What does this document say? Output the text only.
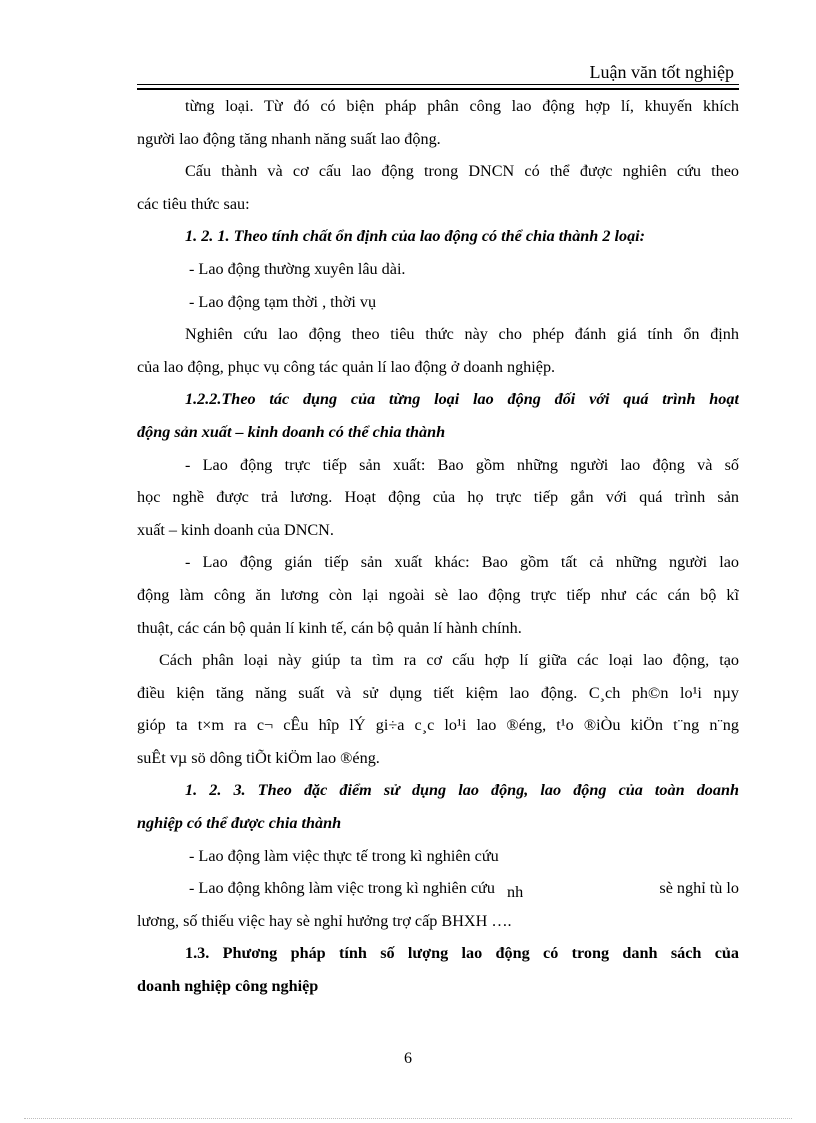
Luận văn tốt nghiệp
từng loại. Từ đó có biện pháp phân công lao động hợp lí, khuyến khích
người lao động tăng nhanh năng suất lao động.
Cấu thành và cơ cấu lao động trong DNCN có thể được nghiên cứu theo
các tiêu thức sau:
1. 2. 1. Theo tính chất ổn định của lao động có thể chia thành 2 loại:
- Lao động thường xuyên lâu dài.
- Lao động tạm thời , thời vụ
Nghiên cứu lao động theo tiêu thức này cho phép đánh giá tính ổn định
của lao động, phục vụ công tác quản lí lao động ở doanh nghiệp.
1.2.2.Theo tác dụng của từng loại lao động đối với quá trình hoạt
động sản xuất – kinh doanh có thể chia thành
- Lao động trực tiếp sản xuất: Bao gồm những người lao động và số
học nghề được trả lương. Hoạt động của họ trực tiếp gắn với quá trình sản
xuất – kinh doanh của DNCN.
- Lao động gián tiếp sản xuất khác: Bao gồm tất cả những người lao
động làm công ăn lương còn lại ngoài sè lao động trực tiếp như các cán bộ kĩ
thuật, các cán bộ quản lí kinh tế, cán bộ quản lí hành chính.
Cách phân loại này giúp ta tìm ra cơ cấu hợp lí giữa các loại lao động, tạo
điều kiện tăng năng suất và sử dụng tiết kiệm lao động. C¸ch ph©n lo¹i nµy
gióp ta t×m ra c¬ cÊu hîp lÝ gi÷a c¸c lo¹i lao ®éng, t¹o ®iÒu kiÖn t¨ng n¨ng
suÊt vµ sö dông tiÕt kiÖm lao ®éng.
1. 2. 3. Theo đặc điểm sử dụng lao động, lao động của toàn doanh
nghiệp có thể được chia thành
- Lao động làm việc thực tế trong kì nghiên cứu
- Lao động không làm việc trong kì nghiên cứu nh	sè nghỉ tù lo
lương, số thiếu việc hay sè nghỉ hưởng trợ cấp BHXH ….
1.3. Phương pháp tính số lượng lao động có trong danh sách của
doanh nghiệp công nghiệp
6
